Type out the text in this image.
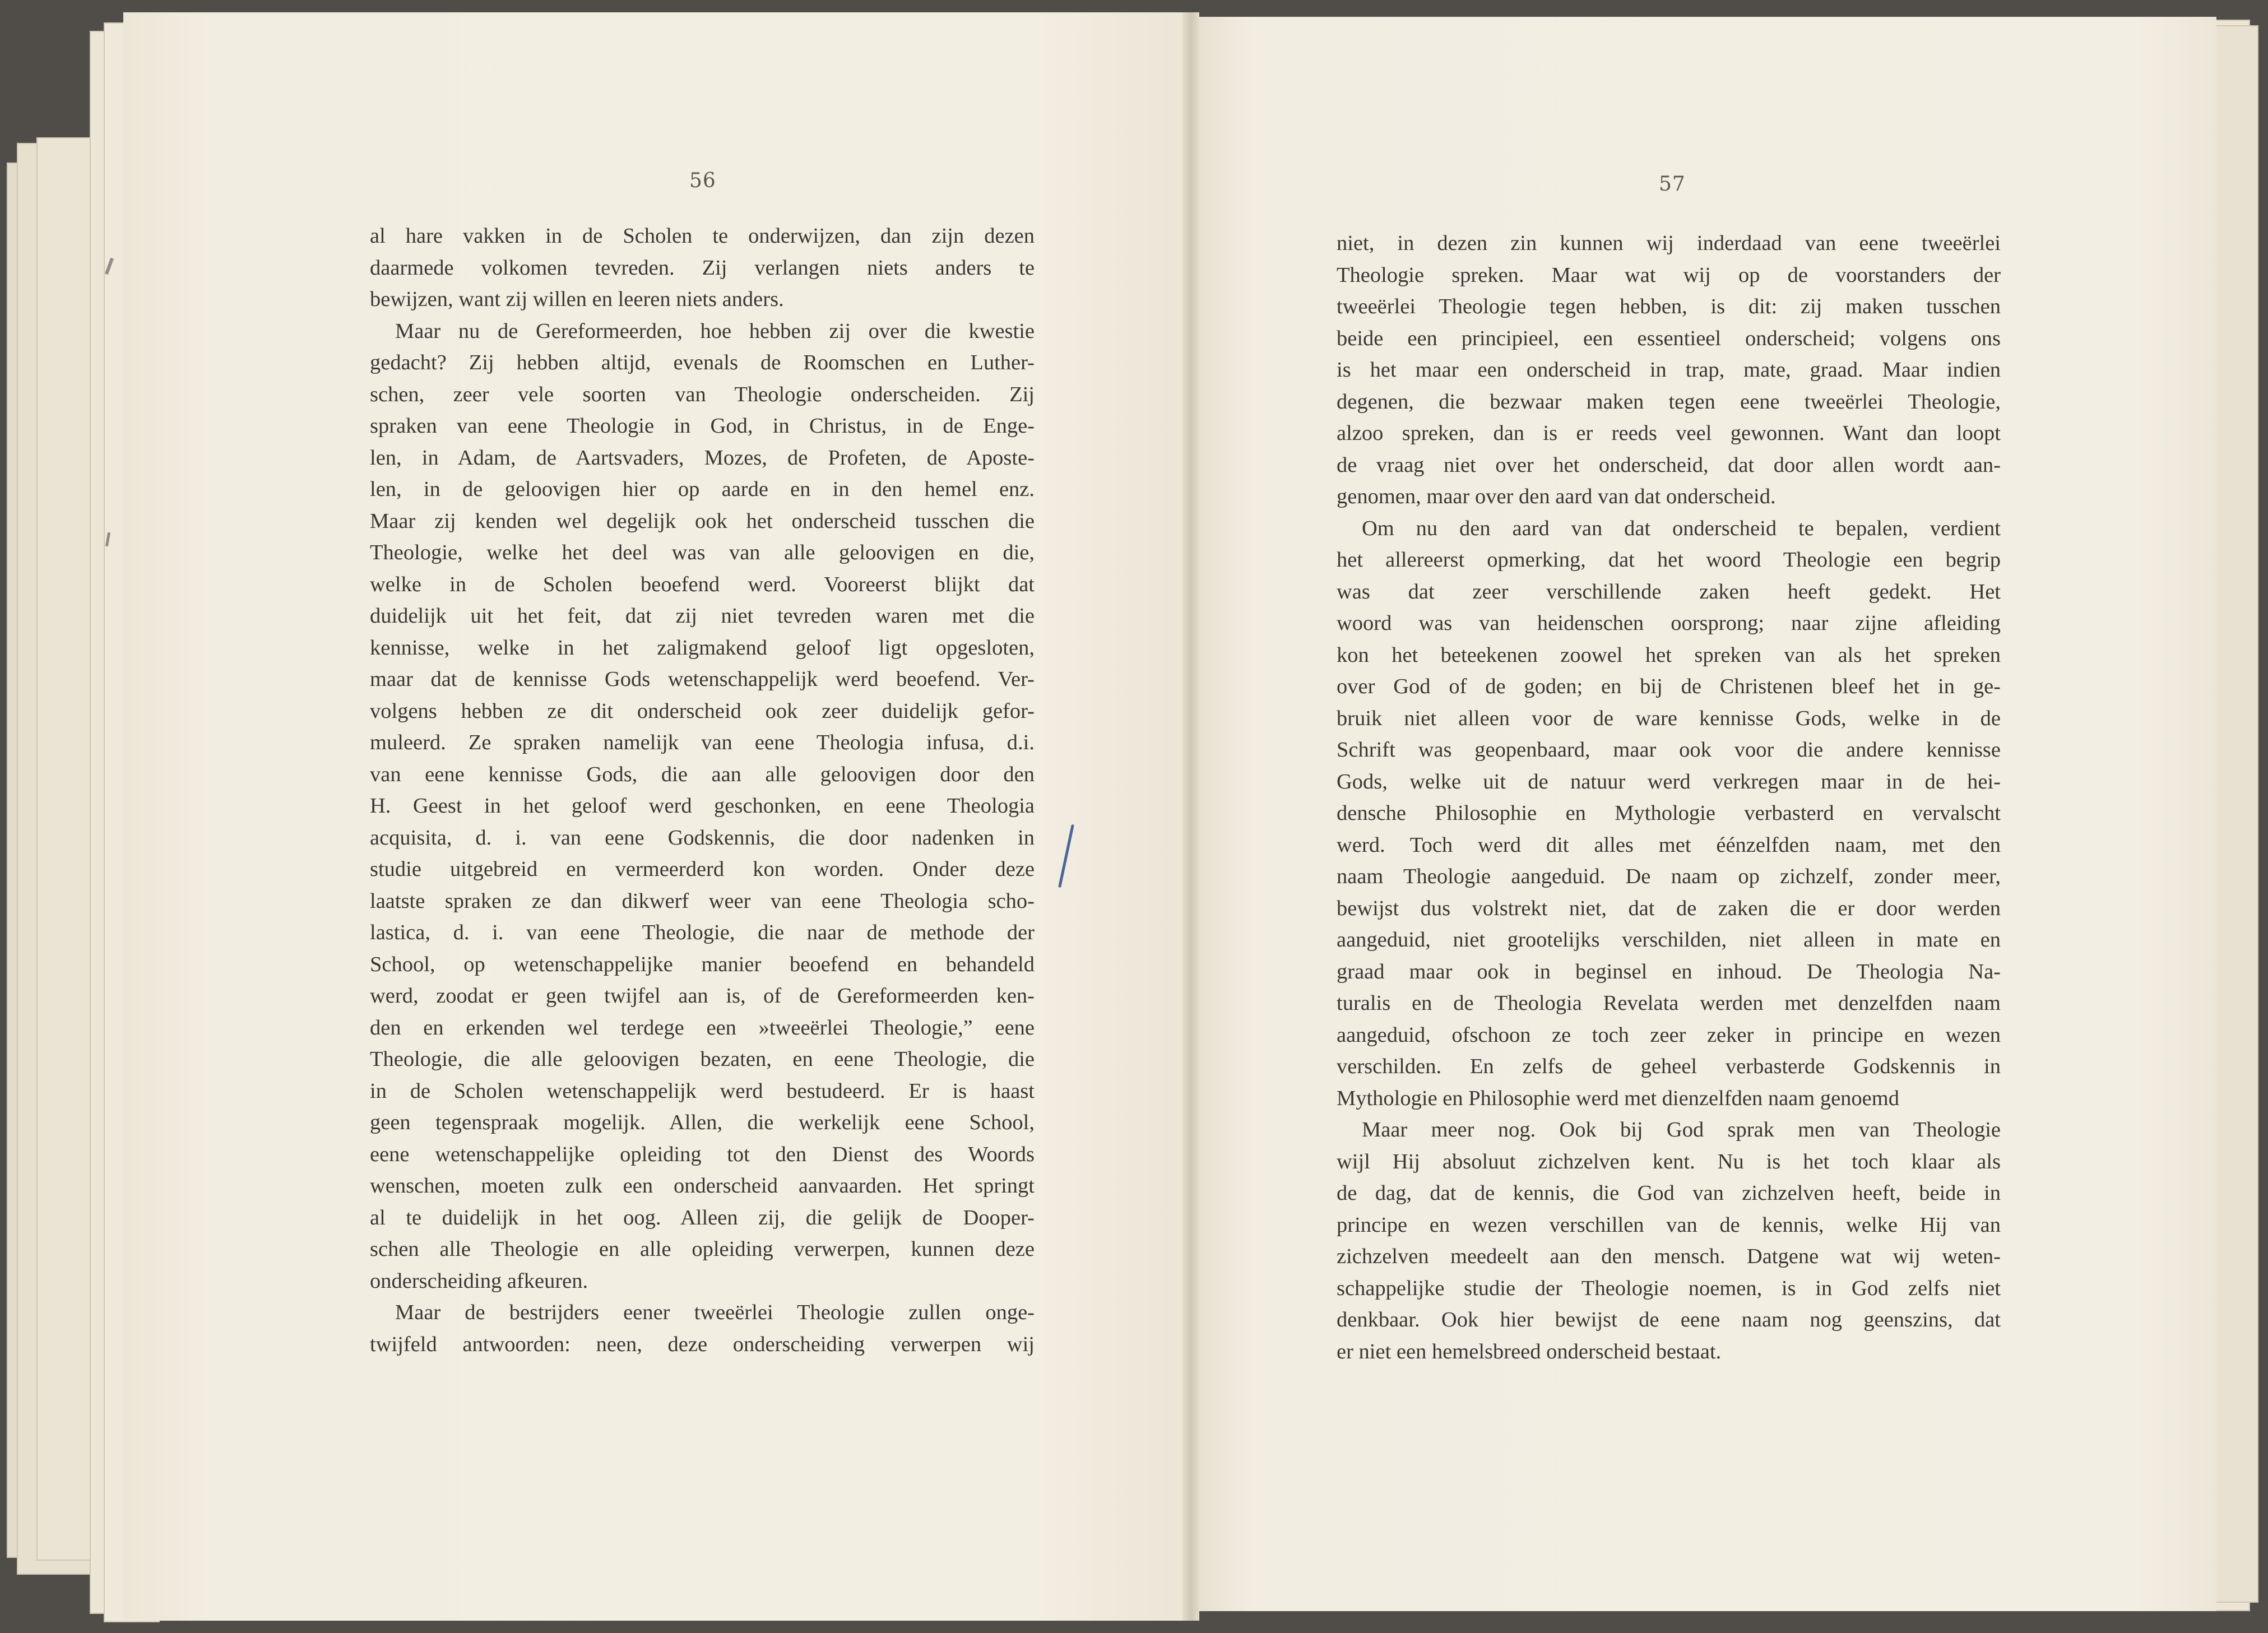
56	57
al hare vakken in de Scholen te onderwijzen, dan zijn dezen
daarmede volkomen tevreden. Zij verlangen niets anders te
bewijzen, want zij willen en leeren niets anders.
Maar nu de Gereformeerden, hoe hebben zij over die kwestie
gedacht? Zij hebben altijd, evenals de Roomschen en Luther-
schen, zeer vele soorten van Theologie onderscheiden. Zij
spraken van eene Theologie in God, in Christus, in de Enge-
len, in Adam, de Aartsvaders, Mozes, de Profeten, de Aposte-
len, in de geloovigen hier op aarde en in den hemel enz.
Maar zij kenden wel degelijk ook het onderscheid tusschen die
Theologie, welke het deel was van alle geloovigen en die,
welke in de Scholen beoefend werd. Vooreerst blijkt dat
duidelijk uit het feit, dat zij niet tevreden waren met die
kennisse, welke in het zaligmakend geloof ligt opgesloten,
maar dat de kennisse Gods wetenschappelijk werd beoefend. Ver-
volgens hebben ze dit onderscheid ook zeer duidelijk gefor-
muleerd. Ze spraken namelijk van eene Theologia infusa, d.i.
van eene kennisse Gods, die aan alle geloovigen door den
H. Geest in het geloof werd geschonken, en eene Theologia
acquisita, d. i. van eene Godskennis, die door nadenken in
studie uitgebreid en vermeerderd kon worden. Onder deze
laatste spraken ze dan dikwerf weer van eene Theologia scho-
lastica, d. i. van eene Theologie, die naar de methode der
School, op wetenschappelijke manier beoefend en behandeld
werd, zoodat er geen twijfel aan is, of de Gereformeerden ken-
den en erkenden wel terdege een »tweeërlei Theologie,” eene
Theologie, die alle geloovigen bezaten, en eene Theologie, die
in de Scholen wetenschappelijk werd bestudeerd. Er is haast
geen tegenspraak mogelijk. Allen, die werkelijk eene School,
eene wetenschappelijke opleiding tot den Dienst des Woords
wenschen, moeten zulk een onderscheid aanvaarden. Het springt
al te duidelijk in het oog. Alleen zij, die gelijk de Dooper-
schen alle Theologie en alle opleiding verwerpen, kunnen deze
onderscheiding afkeuren.
Maar de bestrijders eener tweeërlei Theologie zullen onge-
twijfeld antwoorden: neen, deze onderscheiding verwerpen wij
niet, in dezen zin kunnen wij inderdaad van eene tweeërlei
Theologie spreken. Maar wat wij op de voorstanders der
tweeërlei Theologie tegen hebben, is dit: zij maken tusschen
beide een principieel, een essentieel onderscheid; volgens ons
is het maar een onderscheid in trap, mate, graad. Maar indien
degenen, die bezwaar maken tegen eene tweeërlei Theologie,
alzoo spreken, dan is er reeds veel gewonnen. Want dan loopt
de vraag niet over het onderscheid, dat door allen wordt aan-
genomen, maar over den aard van dat onderscheid.
Om nu den aard van dat onderscheid te bepalen, verdient
het allereerst opmerking, dat het woord Theologie een begrip
was dat zeer verschillende zaken heeft gedekt. Het
woord was van heidenschen oorsprong; naar zijne afleiding
kon het beteekenen zoowel het spreken van als het spreken
over God of de goden; en bij de Christenen bleef het in ge-
bruik niet alleen voor de ware kennisse Gods, welke in de
Schrift was geopenbaard, maar ook voor die andere kennisse
Gods, welke uit de natuur werd verkregen maar in de hei-
densche Philosophie en Mythologie verbasterd en vervalscht
werd. Toch werd dit alles met éénzelfden naam, met den
naam Theologie aangeduid. De naam op zichzelf, zonder meer,
bewijst dus volstrekt niet, dat de zaken die er door werden
aangeduid, niet grootelijks verschilden, niet alleen in mate en
graad maar ook in beginsel en inhoud. De Theologia Na-
turalis en de Theologia Revelata werden met denzelfden naam
aangeduid, ofschoon ze toch zeer zeker in principe en wezen
verschilden. En zelfs de geheel verbasterde Godskennis in
Mythologie en Philosophie werd met dienzelfden naam genoemd
Maar meer nog. Ook bij God sprak men van Theologie
wijl Hij absoluut zichzelven kent. Nu is het toch klaar als
de dag, dat de kennis, die God van zichzelven heeft, beide in
principe en wezen verschillen van de kennis, welke Hij van
zichzelven meedeelt aan den mensch. Datgene wat wij weten-
schappelijke studie der Theologie noemen, is in God zelfs niet
denkbaar. Ook hier bewijst de eene naam nog geenszins, dat
er niet een hemelsbreed onderscheid bestaat.
